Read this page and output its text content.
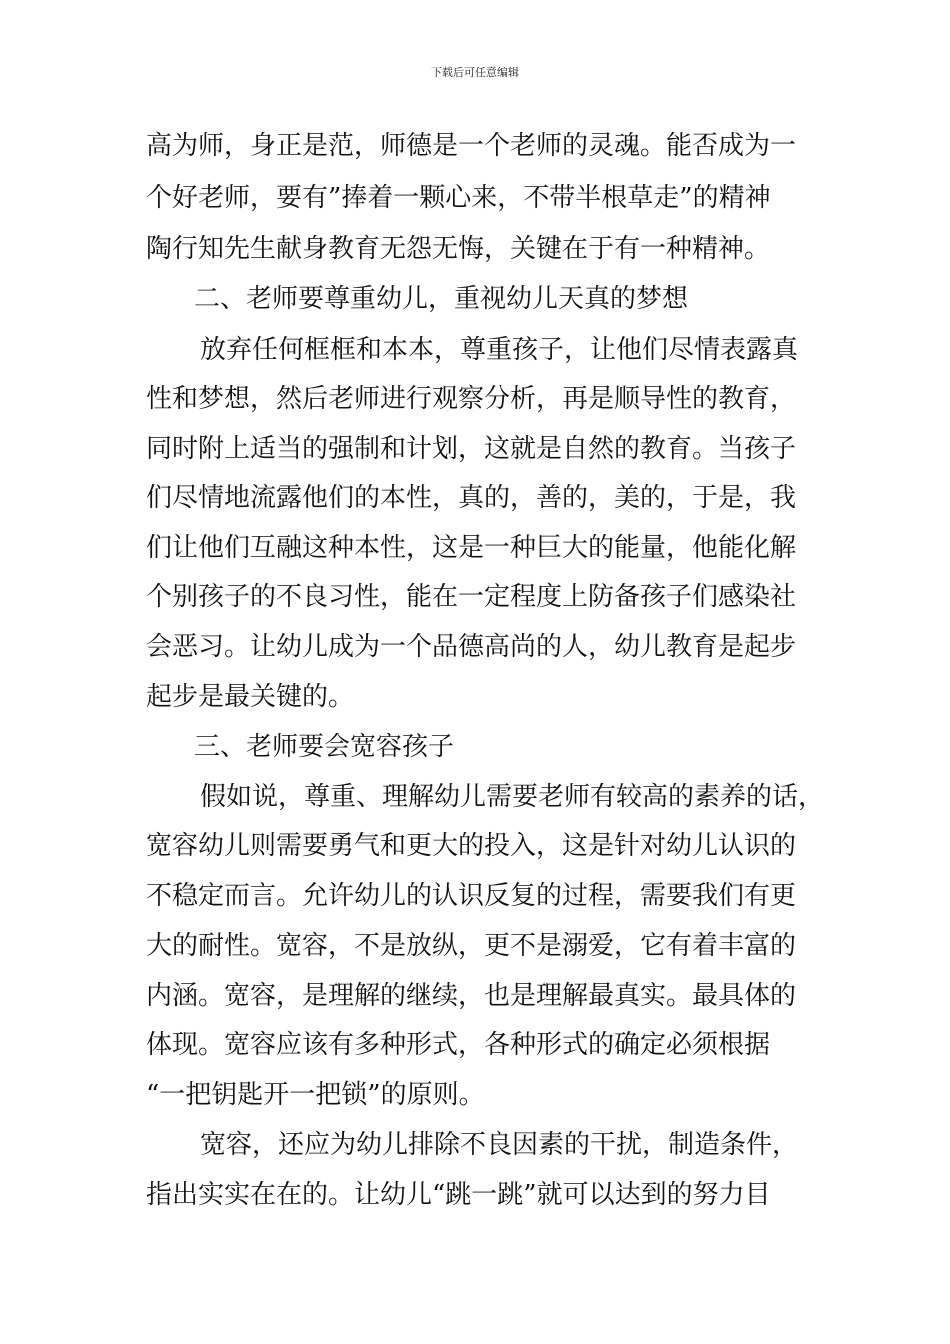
下载后可任意编辑
高为师，身正是范，师德是一个老师的灵魂。能否成为一
个好老师，要有”捧着一颗心来，不带半根草走”的精神
陶行知先生献身教育无怨无悔，关键在于有一种精神。
二、老师要尊重幼儿，重视幼儿天真的梦想
放弃任何框框和本本，尊重孩子，让他们尽情表露真
性和梦想，然后老师进行观察分析，再是顺导性的教育，
同时附上适当的强制和计划，这就是自然的教育。当孩子
们尽情地流露他们的本性，真的，善的，美的，于是，我
们让他们互融这种本性，这是一种巨大的能量，他能化解
个别孩子的不良习性，能在一定程度上防备孩子们感染社
会恶习。让幼儿成为一个品德高尚的人，幼儿教育是起步
起步是最关键的。
三、老师要会宽容孩子
假如说，尊重、理解幼儿需要老师有较高的素养的话，
宽容幼儿则需要勇气和更大的投入，这是针对幼儿认识的
不稳定而言。允许幼儿的认识反复的过程，需要我们有更
大的耐性。宽容，不是放纵，更不是溺爱，它有着丰富的
内涵。宽容，是理解的继续，也是理解最真实。最具体的
体现。宽容应该有多种形式，各种形式的确定必须根据
“一把钥匙开一把锁”的原则。
宽容，还应为幼儿排除不良因素的干扰，制造条件，
指出实实在在的。让幼儿“跳一跳”就可以达到的努力目
